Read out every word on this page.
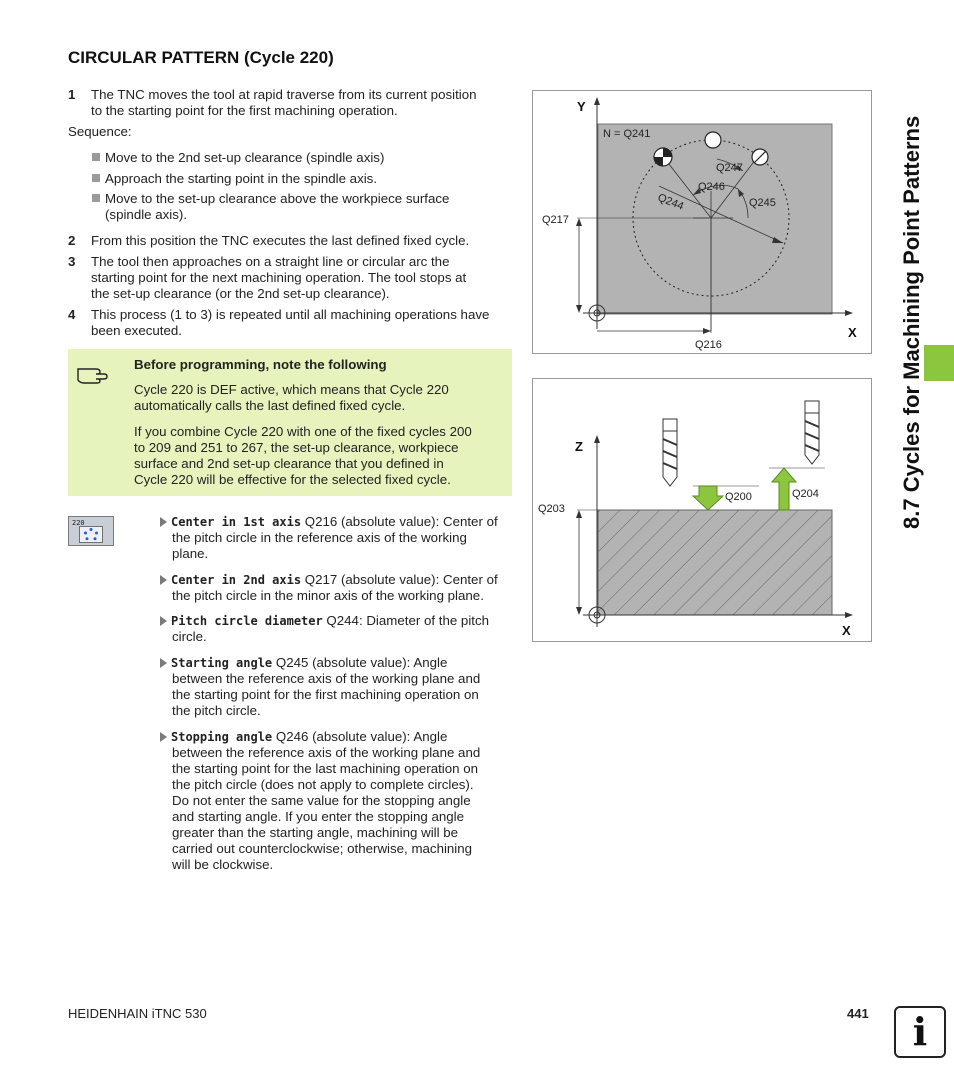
CIRCULAR PATTERN (Cycle 220)
1 The TNC moves the tool at rapid traverse from its current position
to the starting point for the first machining operation.
Sequence:
Move to the 2nd set-up clearance (spindle axis)
Approach the starting point in the spindle axis.
Move to the set-up clearance above the workpiece surface
(spindle axis).
2 From this position the TNC executes the last defined fixed cycle.
3 The tool then approaches on a straight line or circular arc the
starting point for the next machining operation. The tool stops at
the set-up clearance (or the 2nd set-up clearance).
4 This process (1 to 3) is repeated until all machining operations have
been executed.
Before programming, note the following
Cycle 220 is DEF active, which means that Cycle 220
automatically calls the last defined fixed cycle.
If you combine Cycle 220 with one of the fixed cycles 200
to 209 and 251 to 267, the set-up clearance, workpiece
surface and 2nd set-up clearance that you defined in
Cycle 220 will be effective for the selected fixed cycle.
220	Center in 1st axis Q216 (absolute value): Center of
the pitch circle in the reference axis of the working
plane.
Center in 2nd axis Q217 (absolute value): Center of
the pitch circle in the minor axis of the working plane.
Pitch circle diameter Q244: Diameter of the pitch
circle.
Starting angle Q245 (absolute value): Angle
between the reference axis of the working plane and
the starting point for the first machining operation on
the pitch circle.
Stopping angle Q246 (absolute value): Angle
between the reference axis of the working plane and
the starting point for the last machining operation on
the pitch circle (does not apply to complete circles).
Do not enter the same value for the stopping angle
and starting angle. If you enter the stopping angle
greater than the starting angle, machining will be
carried out counterclockwise; otherwise, machining
will be clockwise.
Y
X
N = Q241
Q247
Q246
Q244	Q245
Q217
Q216
Z
X
Q200	Q204
Q203	8.7 Cycles for Machining Point Patterns
HEIDENHAIN iTNC 530	441	i
